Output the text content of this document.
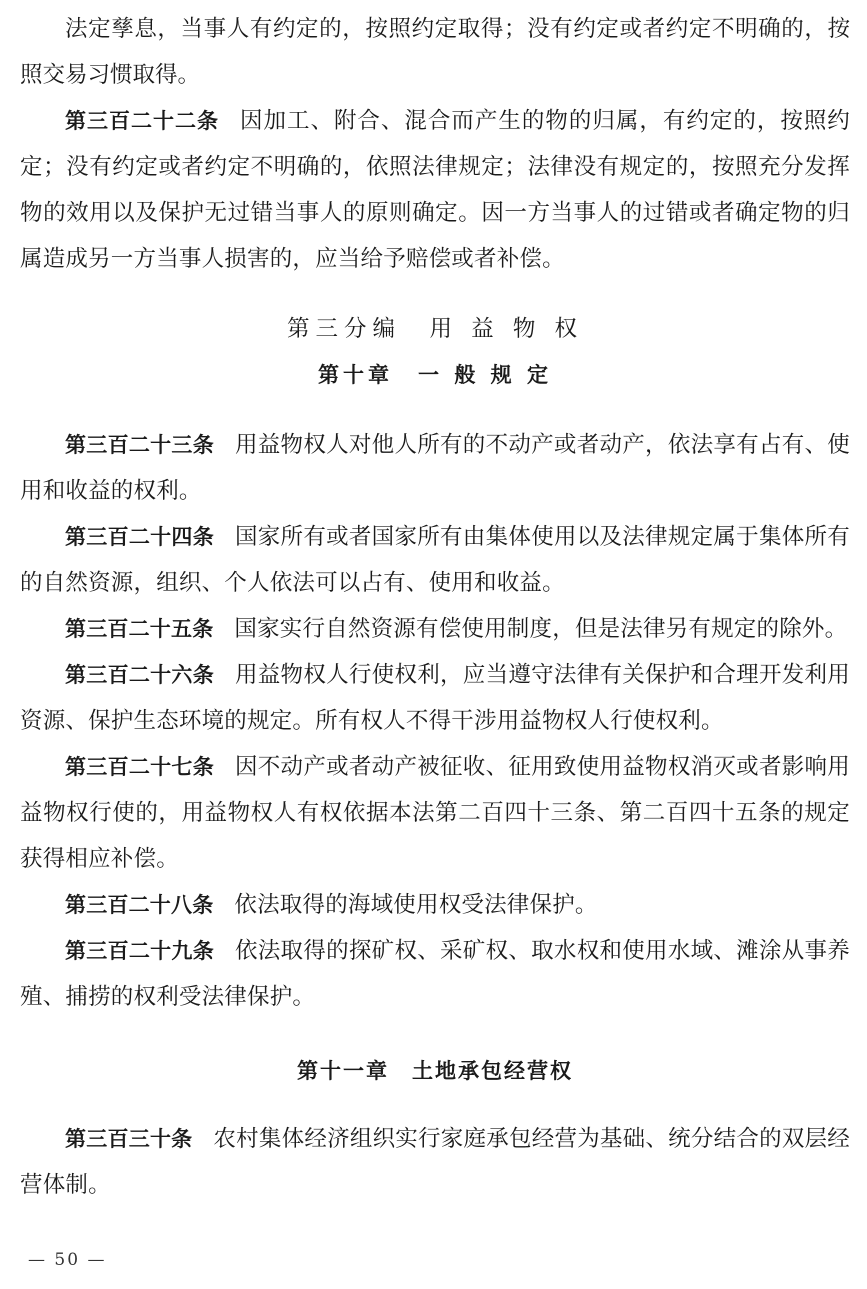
法定孳息，当事人有约定的，按照约定取得；没有约定或者约定不明确的，按照交易习惯取得。

第三百二十二条 因加工、附合、混合而产生的物的归属，有约定的，按照约定；没有约定或者约定不明确的，依照法律规定；法律没有规定的，按照充分发挥物的效用以及保护无过错当事人的原则确定。因一方当事人的过错或者确定物的归属造成另一方当事人损害的，应当给予赔偿或者补偿。

第三分编　用 益 物 权
第十章　一 般 规 定

第三百二十三条 用益物权人对他人所有的不动产或者动产，依法享有占有、使用和收益的权利。

第三百二十四条 国家所有或者国家所有由集体使用以及法律规定属于集体所有的自然资源，组织、个人依法可以占有、使用和收益。

第三百二十五条 国家实行自然资源有偿使用制度，但是法律另有规定的除外。

第三百二十六条 用益物权人行使权利，应当遵守法律有关保护和合理开发利用资源、保护生态环境的规定。所有权人不得干涉用益物权人行使权利。

第三百二十七条 因不动产或者动产被征收、征用致使用益物权消灭或者影响用益物权行使的，用益物权人有权依据本法第二百四十三条、第二百四十五条的规定获得相应补偿。

第三百二十八条 依法取得的海域使用权受法律保护。

第三百二十九条 依法取得的探矿权、采矿权、取水权和使用水域、滩涂从事养殖、捕捞的权利受法律保护。

第十一章　土地承包经营权

第三百三十条 农村集体经济组织实行家庭承包经营为基础、统分结合的双层经营体制。

— 50 —
